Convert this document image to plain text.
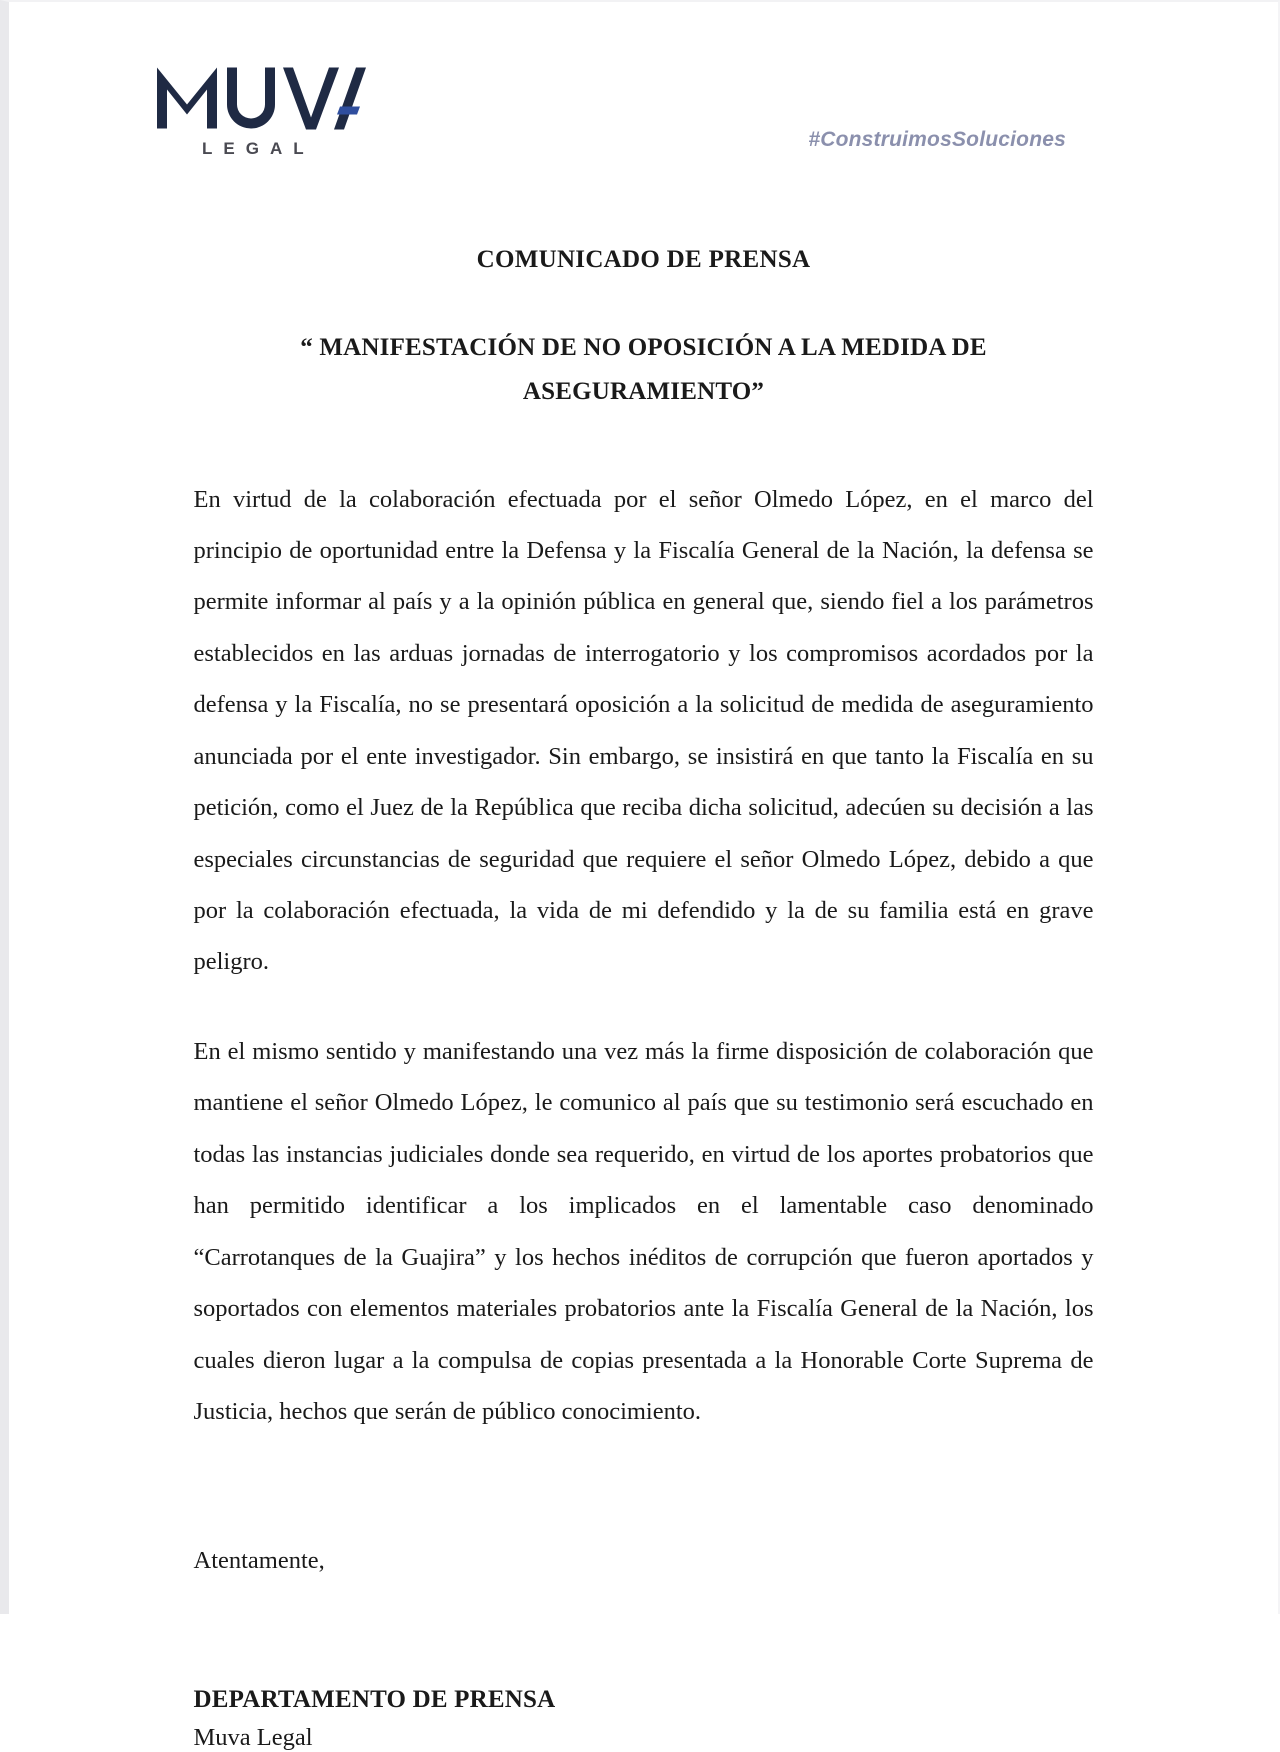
LEGAL	#ConstruimosSoluciones
COMUNICADO DE PRENSA
“ MANIFESTACIÓN DE NO OPOSICIÓN A LA MEDIDA DE ASEGURAMIENTO”

En virtud de la colaboración efectuada por el señor Olmedo López, en el marco del principio de oportunidad entre la Defensa y la Fiscalía General de la Nación, la defensa se permite informar al país y a la opinión pública en general que, siendo fiel a los parámetros establecidos en las arduas jornadas de interrogatorio y los compromisos acordados por la defensa y la Fiscalía, no se presentará oposición a la solicitud de medida de aseguramiento anunciada por el ente investigador. Sin embargo, se insistirá en que tanto la Fiscalía en su petición, como el Juez de la República que reciba dicha solicitud, adecúen su decisión a las especiales circunstancias de seguridad que requiere el señor Olmedo López, debido a que por la colaboración efectuada, la vida de mi defendido y la de su familia está en grave peligro.

En el mismo sentido y manifestando una vez más la firme disposición de colaboración que mantiene el señor Olmedo López, le comunico al país que su testimonio será escuchado en todas las instancias judiciales donde sea requerido, en virtud de los aportes probatorios que han permitido identificar a los implicados en el lamentable caso denominado “Carrotanques de la Guajira” y los hechos inéditos de corrupción que fueron aportados y soportados con elementos materiales probatorios ante la Fiscalía General de la Nación, los cuales dieron lugar a la compulsa de copias presentada a la Honorable Corte Suprema de Justicia, hechos que serán de público conocimiento.

Atentamente,

DEPARTAMENTO DE PRENSA

Muva Legal
